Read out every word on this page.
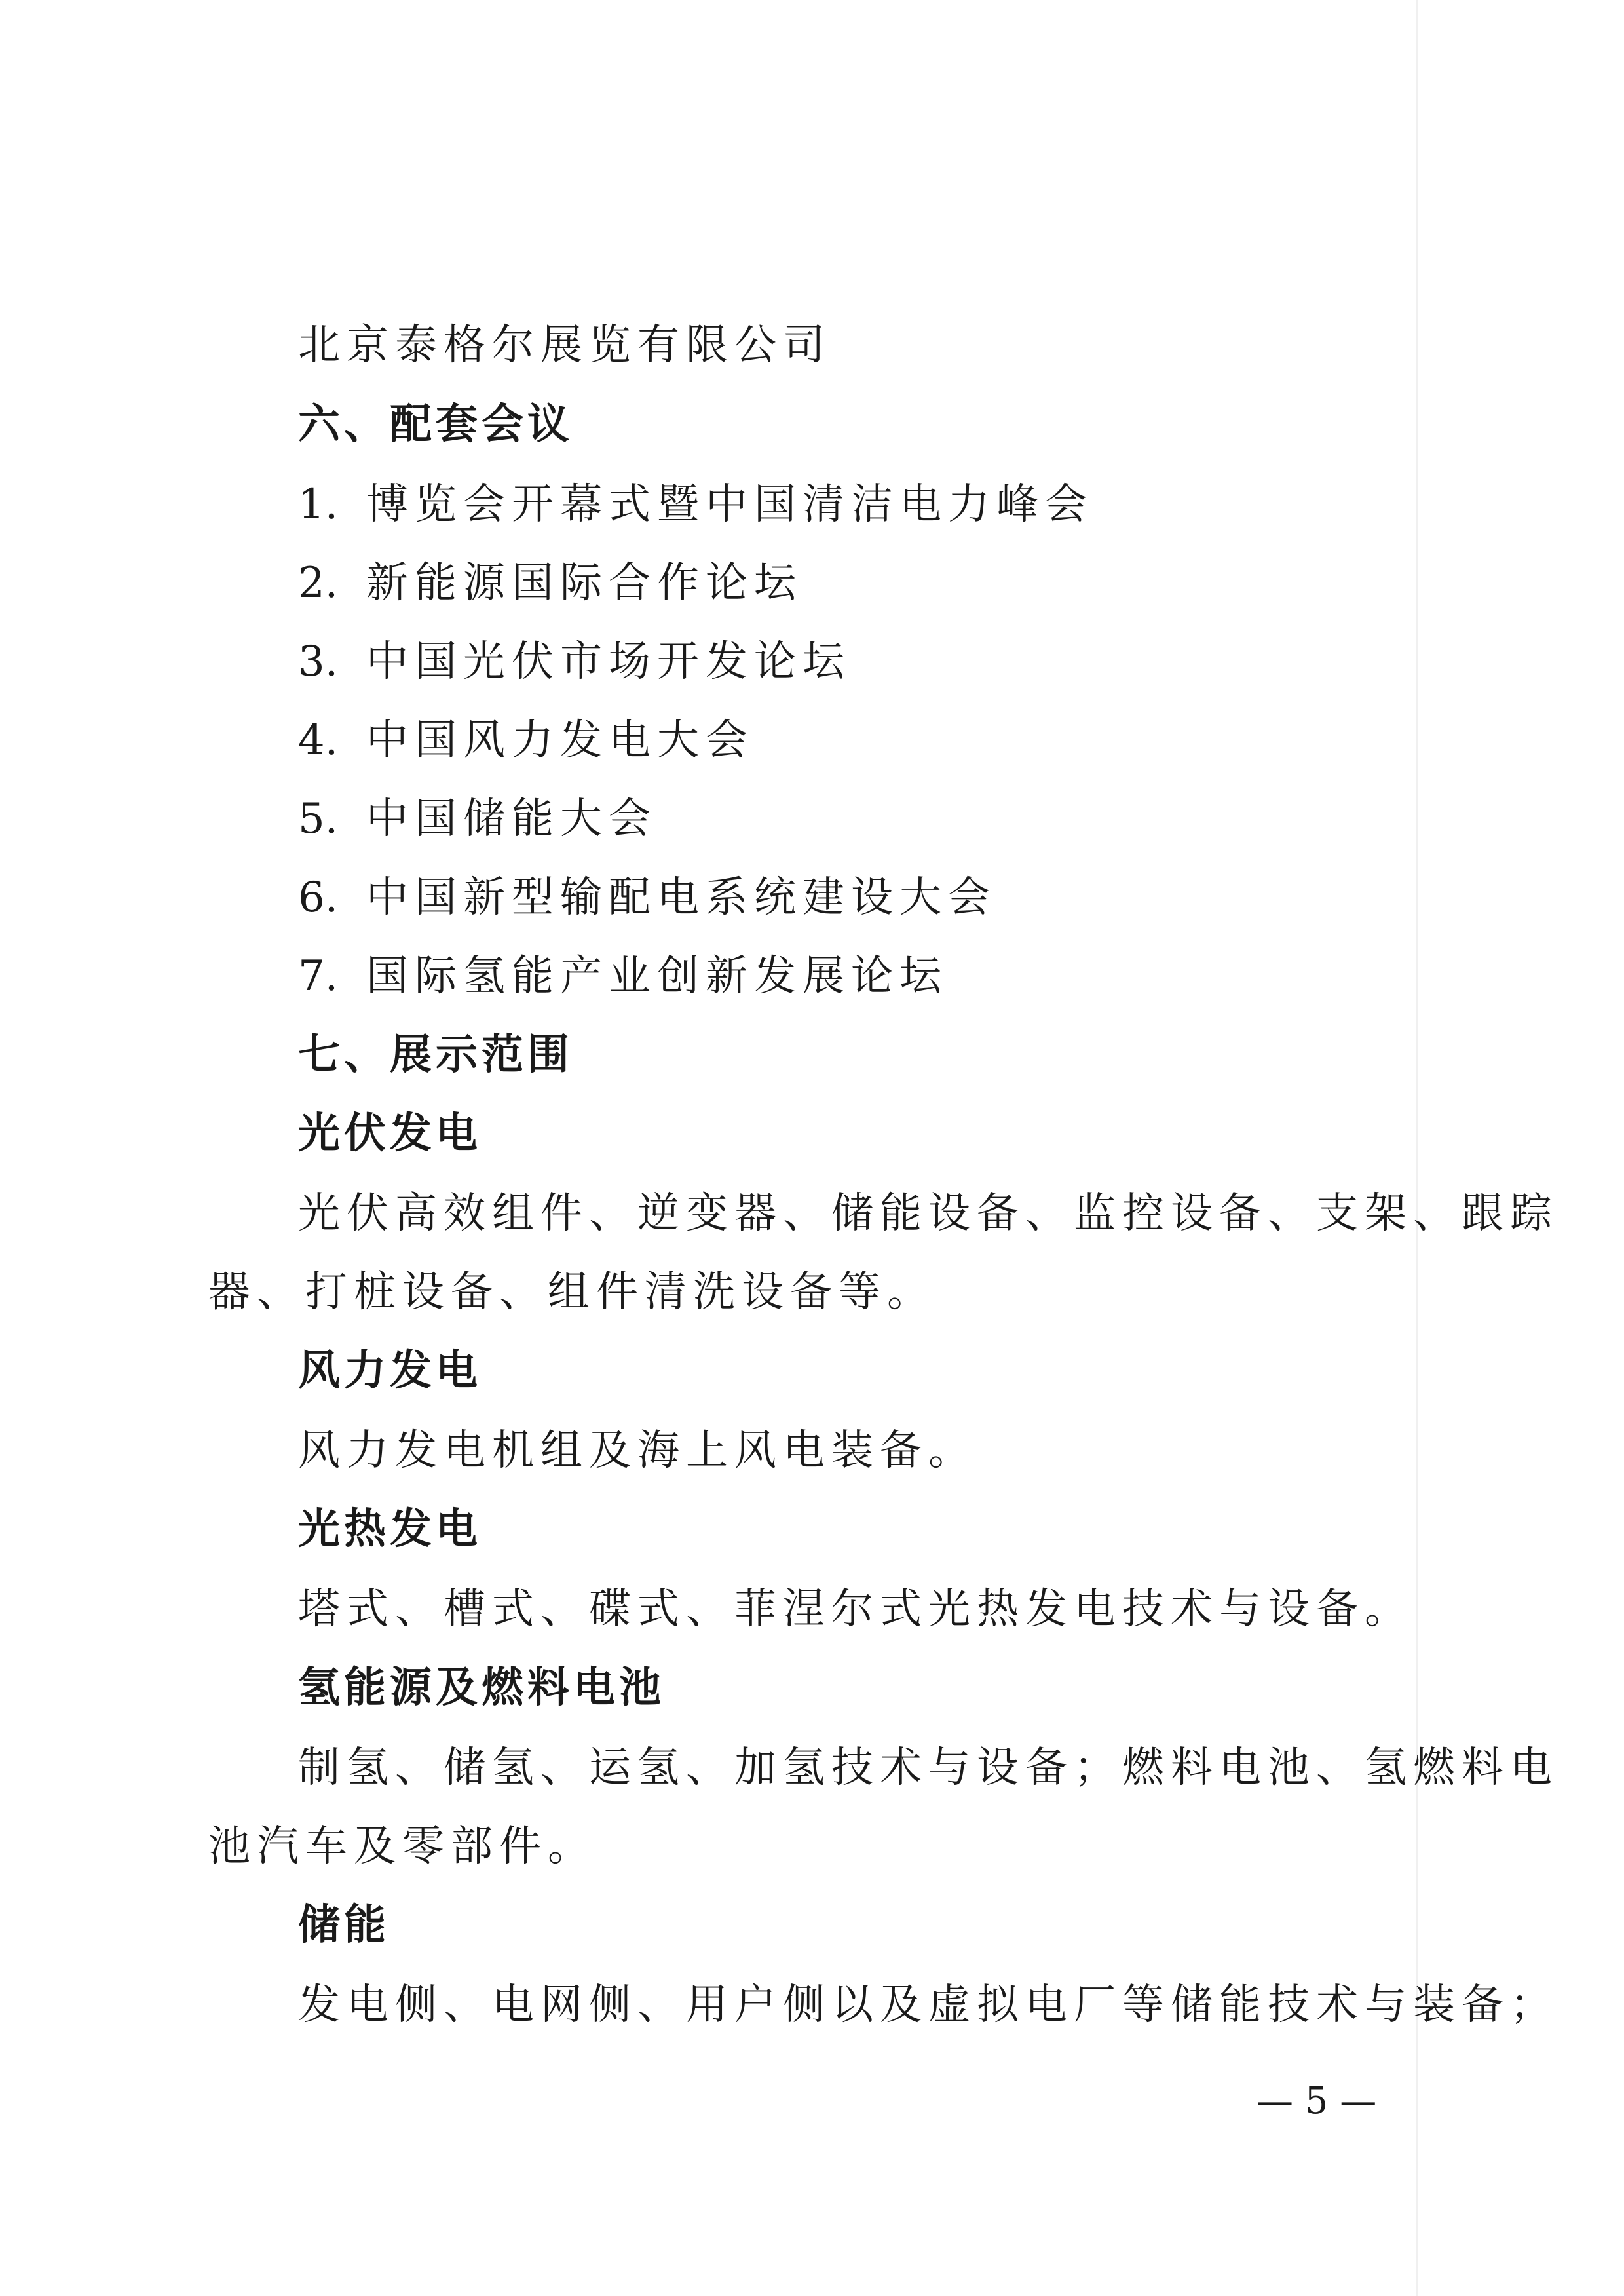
北京泰格尔展览有限公司
六、配套会议
1. 博览会开幕式暨中国清洁电力峰会
2. 新能源国际合作论坛
3. 中国光伏市场开发论坛
4. 中国风力发电大会
5. 中国储能大会
6. 中国新型输配电系统建设大会
7. 国际氢能产业创新发展论坛
七、展示范围
光伏发电
光伏高效组件、逆变器、储能设备、监控设备、支架、跟踪
器、打桩设备、组件清洗设备等。
风力发电
风力发电机组及海上风电装备。
光热发电
塔式、槽式、碟式、菲涅尔式光热发电技术与设备。
氢能源及燃料电池
制氢、储氢、运氢、加氢技术与设备；燃料电池、氢燃料电
池汽车及零部件。
储能
发电侧、电网侧、用户侧以及虚拟电厂等储能技术与装备；
— 5 —
